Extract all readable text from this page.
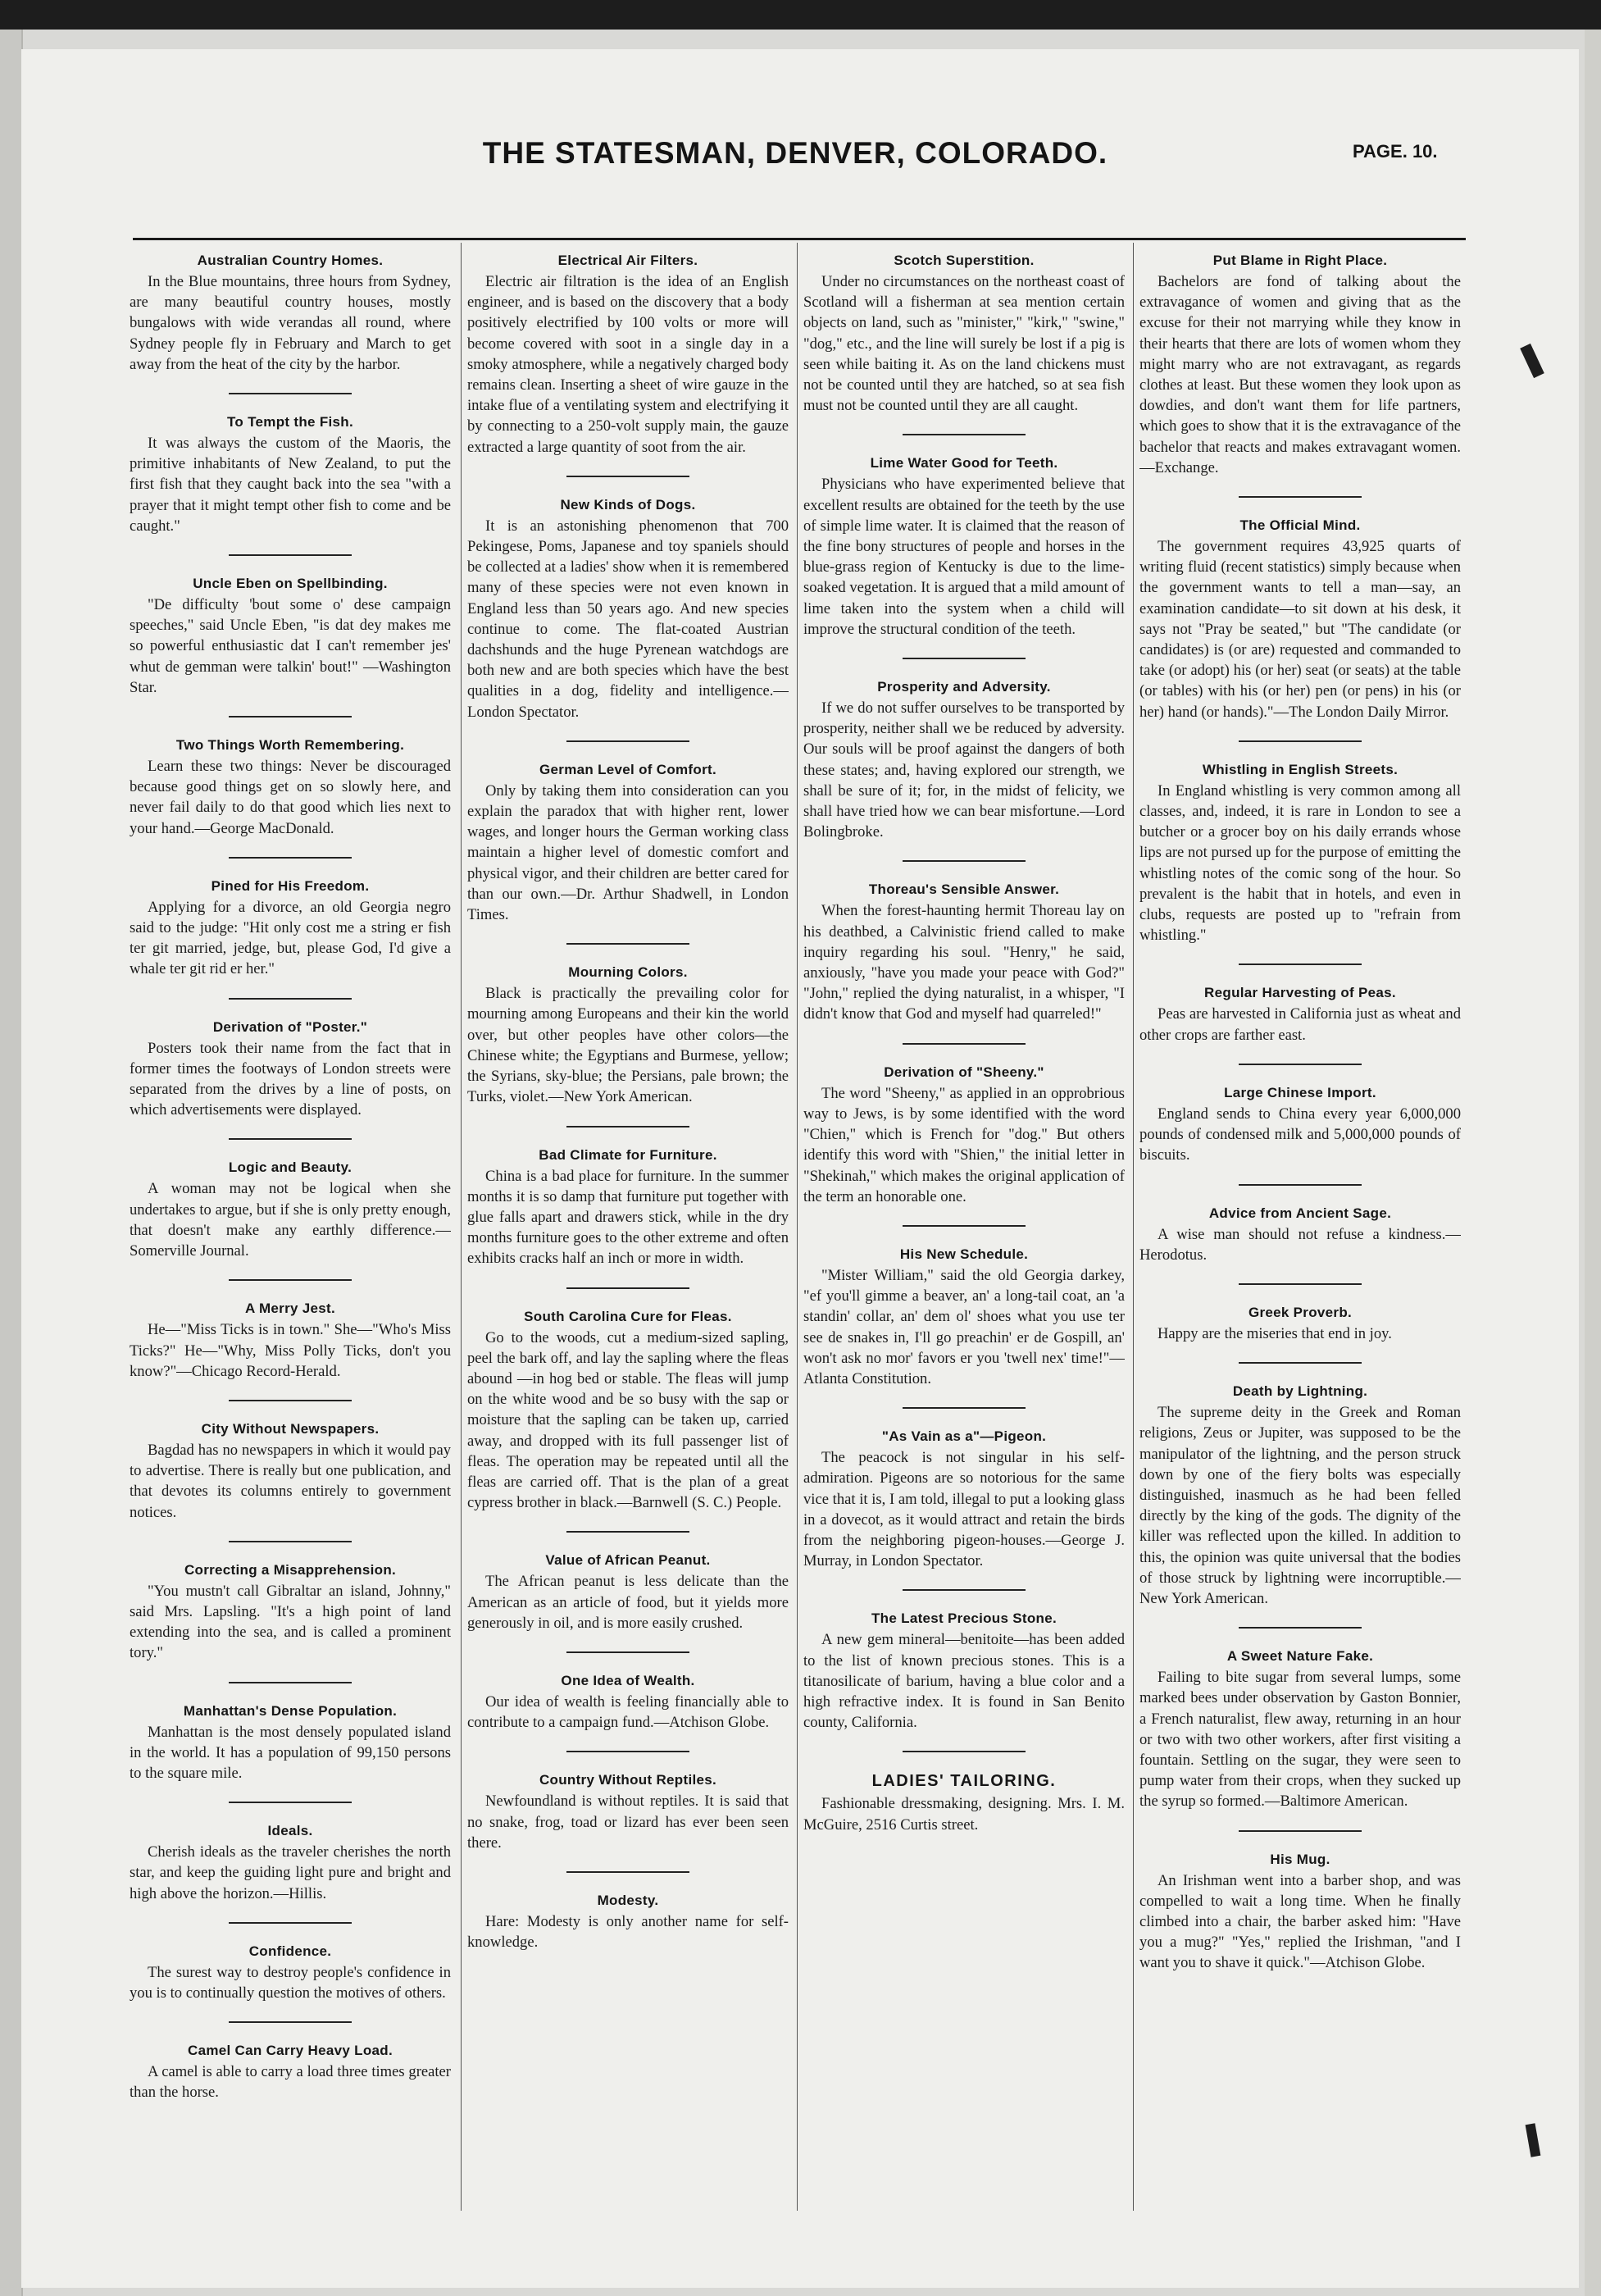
THE STATESMAN, DENVER, COLORADO.	PAGE. 10.
Australian Country Homes.

In the Blue mountains, three hours from Sydney, are many beautiful country houses, mostly bungalows with wide verandas all round, where Sydney people fly in February and March to get away from the heat of the city by the harbor.

To Tempt the Fish.

It was always the custom of the Maoris, the primitive inhabitants of New Zealand, to put the first fish that they caught back into the sea "with a prayer that it might tempt other fish to come and be caught."

Uncle Eben on Spellbinding.

"De difficulty 'bout some o' dese campaign speeches," said Uncle Eben, "is dat dey makes me so powerful enthusiastic dat I can't remember jes' whut de gemman were talkin' bout!" —Washington Star.

Two Things Worth Remembering.

Learn these two things: Never be discouraged because good things get on so slowly here, and never fail daily to do that good which lies next to your hand.—George MacDonald.

Pined for His Freedom.

Applying for a divorce, an old Georgia negro said to the judge: "Hit only cost me a string er fish ter git married, jedge, but, please God, I'd give a whale ter git rid er her."

Derivation of "Poster."

Posters took their name from the fact that in former times the footways of London streets were separated from the drives by a line of posts, on which advertisements were displayed.

Logic and Beauty.

A woman may not be logical when she undertakes to argue, but if she is only pretty enough, that doesn't make any earthly difference.—Somerville Journal.

A Merry Jest.

He—"Miss Ticks is in town." She—"Who's Miss Ticks?" He—"Why, Miss Polly Ticks, don't you know?"—Chicago Record-Herald.

City Without Newspapers.

Bagdad has no newspapers in which it would pay to advertise. There is really but one publication, and that devotes its columns entirely to government notices.

Correcting a Misapprehension.

"You mustn't call Gibraltar an island, Johnny," said Mrs. Lapsling. "It's a high point of land extending into the sea, and is called a prominent tory."

Manhattan's Dense Population.

Manhattan is the most densely populated island in the world. It has a population of 99,150 persons to the square mile.

Ideals.

Cherish ideals as the traveler cherishes the north star, and keep the guiding light pure and bright and high above the horizon.—Hillis.

Confidence.

The surest way to destroy people's confidence in you is to continually question the motives of others.

Camel Can Carry Heavy Load.

A camel is able to carry a load three times greater than the horse.

Electrical Air Filters.

Electric air filtration is the idea of an English engineer, and is based on the discovery that a body positively electrified by 100 volts or more will become covered with soot in a single day in a smoky atmosphere, while a negatively charged body remains clean. Inserting a sheet of wire gauze in the intake flue of a ventilating system and electrifying it by connecting to a 250-volt supply main, the gauze extracted a large quantity of soot from the air.

New Kinds of Dogs.

It is an astonishing phenomenon that 700 Pekingese, Poms, Japanese and toy spaniels should be collected at a ladies' show when it is remembered many of these species were not even known in England less than 50 years ago. And new species continue to come. The flat-coated Austrian dachshunds and the huge Pyrenean watchdogs are both new and are both species which have the best qualities in a dog, fidelity and intelligence.—London Spectator.

German Level of Comfort.

Only by taking them into consideration can you explain the paradox that with higher rent, lower wages, and longer hours the German working class maintain a higher level of domestic comfort and physical vigor, and their children are better cared for than our own.—Dr. Arthur Shadwell, in London Times.

Mourning Colors.

Black is practically the prevailing color for mourning among Europeans and their kin the world over, but other peoples have other colors—the Chinese white; the Egyptians and Burmese, yellow; the Syrians, sky-blue; the Persians, pale brown; the Turks, violet.—New York American.

Bad Climate for Furniture.

China is a bad place for furniture. In the summer months it is so damp that furniture put together with glue falls apart and drawers stick, while in the dry months furniture goes to the other extreme and often exhibits cracks half an inch or more in width.

South Carolina Cure for Fleas.

Go to the woods, cut a medium-sized sapling, peel the bark off, and lay the sapling where the fleas abound —in hog bed or stable. The fleas will jump on the white wood and be so busy with the sap or moisture that the sapling can be taken up, carried away, and dropped with its full passenger list of fleas. The operation may be repeated until all the fleas are carried off. That is the plan of a great cypress brother in black.—Barnwell (S. C.) People.

Value of African Peanut.

The African peanut is less delicate than the American as an article of food, but it yields more generously in oil, and is more easily crushed.

One Idea of Wealth.

Our idea of wealth is feeling financially able to contribute to a campaign fund.—Atchison Globe.

Country Without Reptiles.

Newfoundland is without reptiles. It is said that no snake, frog, toad or lizard has ever been seen there.

Modesty.

Hare: Modesty is only another name for self-knowledge.

Scotch Superstition.

Under no circumstances on the northeast coast of Scotland will a fisherman at sea mention certain objects on land, such as "minister," "kirk," "swine," "dog," etc., and the line will surely be lost if a pig is seen while baiting it. As on the land chickens must not be counted until they are hatched, so at sea fish must not be counted until they are all caught.

Lime Water Good for Teeth.

Physicians who have experimented believe that excellent results are obtained for the teeth by the use of simple lime water. It is claimed that the reason of the fine bony structures of people and horses in the blue-grass region of Kentucky is due to the lime-soaked vegetation. It is argued that a mild amount of lime taken into the system when a child will improve the structural condition of the teeth.

Prosperity and Adversity.

If we do not suffer ourselves to be transported by prosperity, neither shall we be reduced by adversity. Our souls will be proof against the dangers of both these states; and, having explored our strength, we shall be sure of it; for, in the midst of felicity, we shall have tried how we can bear misfortune.—Lord Bolingbroke.

Thoreau's Sensible Answer.

When the forest-haunting hermit Thoreau lay on his deathbed, a Calvinistic friend called to make inquiry regarding his soul. "Henry," he said, anxiously, "have you made your peace with God?" "John," replied the dying naturalist, in a whisper, "I didn't know that God and myself had quarreled!"

Derivation of "Sheeny."

The word "Sheeny," as applied in an opprobrious way to Jews, is by some identified with the word "Chien," which is French for "dog." But others identify this word with "Shien," the initial letter in "Shekinah," which makes the original application of the term an honorable one.

His New Schedule.

"Mister William," said the old Georgia darkey, "ef you'll gimme a beaver, an' a long-tail coat, an 'a standin' collar, an' dem ol' shoes what you use ter see de snakes in, I'll go preachin' er de Gospill, an' won't ask no mor' favors er you 'twell nex' time!"—Atlanta Constitution.

"As Vain as a"—Pigeon.

The peacock is not singular in his self-admiration. Pigeons are so notorious for the same vice that it is, I am told, illegal to put a looking glass in a dovecot, as it would attract and retain the birds from the neighboring pigeon-houses.—George J. Murray, in London Spectator.

The Latest Precious Stone.

A new gem mineral—benitoite—has been added to the list of known precious stones. This is a titanosilicate of barium, having a blue color and a high refractive index. It is found in San Benito county, California.

LADIES' TAILORING.

Fashionable dressmaking, designing. Mrs. I. M. McGuire, 2516 Curtis street.

Put Blame in Right Place.

Bachelors are fond of talking about the extravagance of women and giving that as the excuse for their not marrying while they know in their hearts that there are lots of women whom they might marry who are not extravagant, as regards clothes at least. But these women they look upon as dowdies, and don't want them for life partners, which goes to show that it is the extravagance of the bachelor that reacts and makes extravagant women.—Exchange.

The Official Mind.

The government requires 43,925 quarts of writing fluid (recent statistics) simply because when the government wants to tell a man—say, an examination candidate—to sit down at his desk, it says not "Pray be seated," but "The candidate (or candidates) is (or are) requested and commanded to take (or adopt) his (or her) seat (or seats) at the table (or tables) with his (or her) pen (or pens) in his (or her) hand (or hands)."—The London Daily Mirror.

Whistling in English Streets.

In England whistling is very common among all classes, and, indeed, it is rare in London to see a butcher or a grocer boy on his daily errands whose lips are not pursed up for the purpose of emitting the whistling notes of the comic song of the hour. So prevalent is the habit that in hotels, and even in clubs, requests are posted up to "refrain from whistling."

Regular Harvesting of Peas.

Peas are harvested in California just as wheat and other crops are farther east.

Large Chinese Import.

England sends to China every year 6,000,000 pounds of condensed milk and 5,000,000 pounds of biscuits.

Advice from Ancient Sage.

A wise man should not refuse a kindness.—Herodotus.

Greek Proverb.

Happy are the miseries that end in joy.

Death by Lightning.

The supreme deity in the Greek and Roman religions, Zeus or Jupiter, was supposed to be the manipulator of the lightning, and the person struck down by one of the fiery bolts was especially distinguished, inasmuch as he had been felled directly by the king of the gods. The dignity of the killer was reflected upon the killed. In addition to this, the opinion was quite universal that the bodies of those struck by lightning were incorruptible.—New York American.

A Sweet Nature Fake.

Failing to bite sugar from several lumps, some marked bees under observation by Gaston Bonnier, a French naturalist, flew away, returning in an hour or two with two other workers, after first visiting a fountain. Settling on the sugar, they were seen to pump water from their crops, when they sucked up the syrup so formed.—Baltimore American.

His Mug.

An Irishman went into a barber shop, and was compelled to wait a long time. When he finally climbed into a chair, the barber asked him: "Have you a mug?" "Yes," replied the Irishman, "and I want you to shave it quick."—Atchison Globe.
